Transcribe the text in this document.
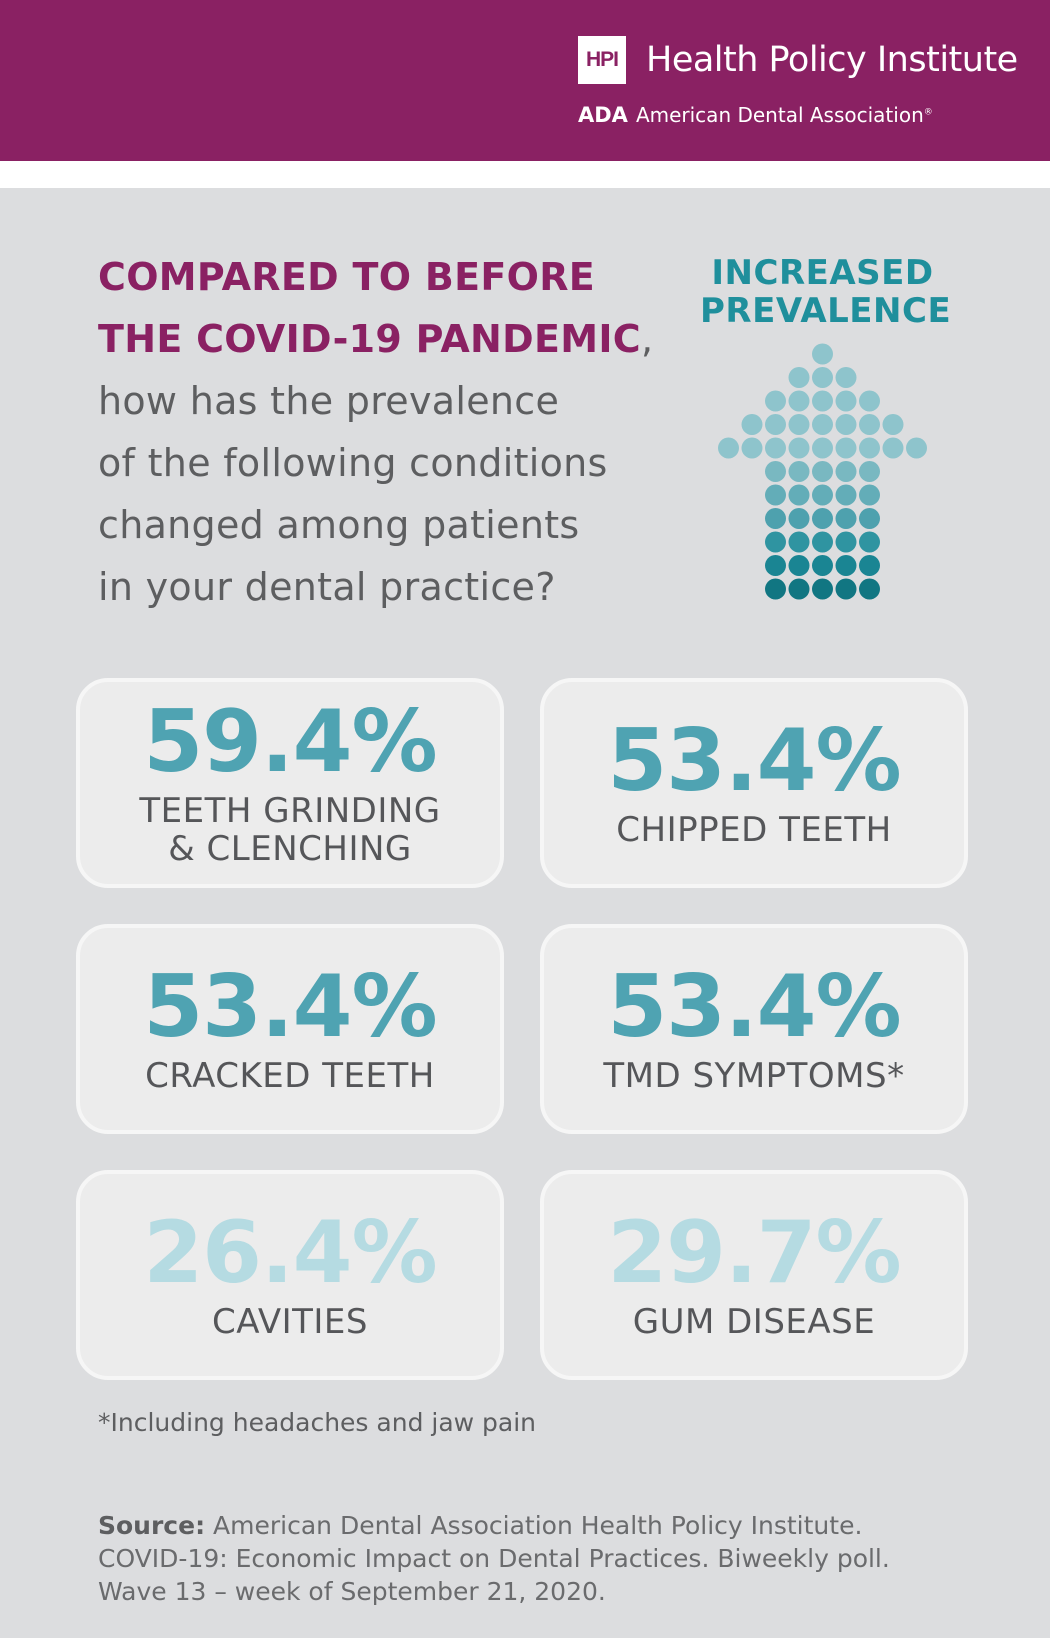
HPI Health Policy Institute
ADA American Dental Association®
COMPARED TO BEFORE
THE COVID-19 PANDEMIC,
how has the prevalence
of the following conditions
changed among patients
in your dental practice?
INCREASED
PREVALENCE
59.4%
TEETH GRINDING
& CLENCHING
53.4%
CHIPPED TEETH
53.4%
CRACKED TEETH
53.4%
TMD SYMPTOMS*
26.4%
CAVITIES
29.7%
GUM DISEASE
*Including headaches and jaw pain
Source: American Dental Association Health Policy Institute.
COVID-19: Economic Impact on Dental Practices. Biweekly poll.
Wave 13 – week of September 21, 2020.
